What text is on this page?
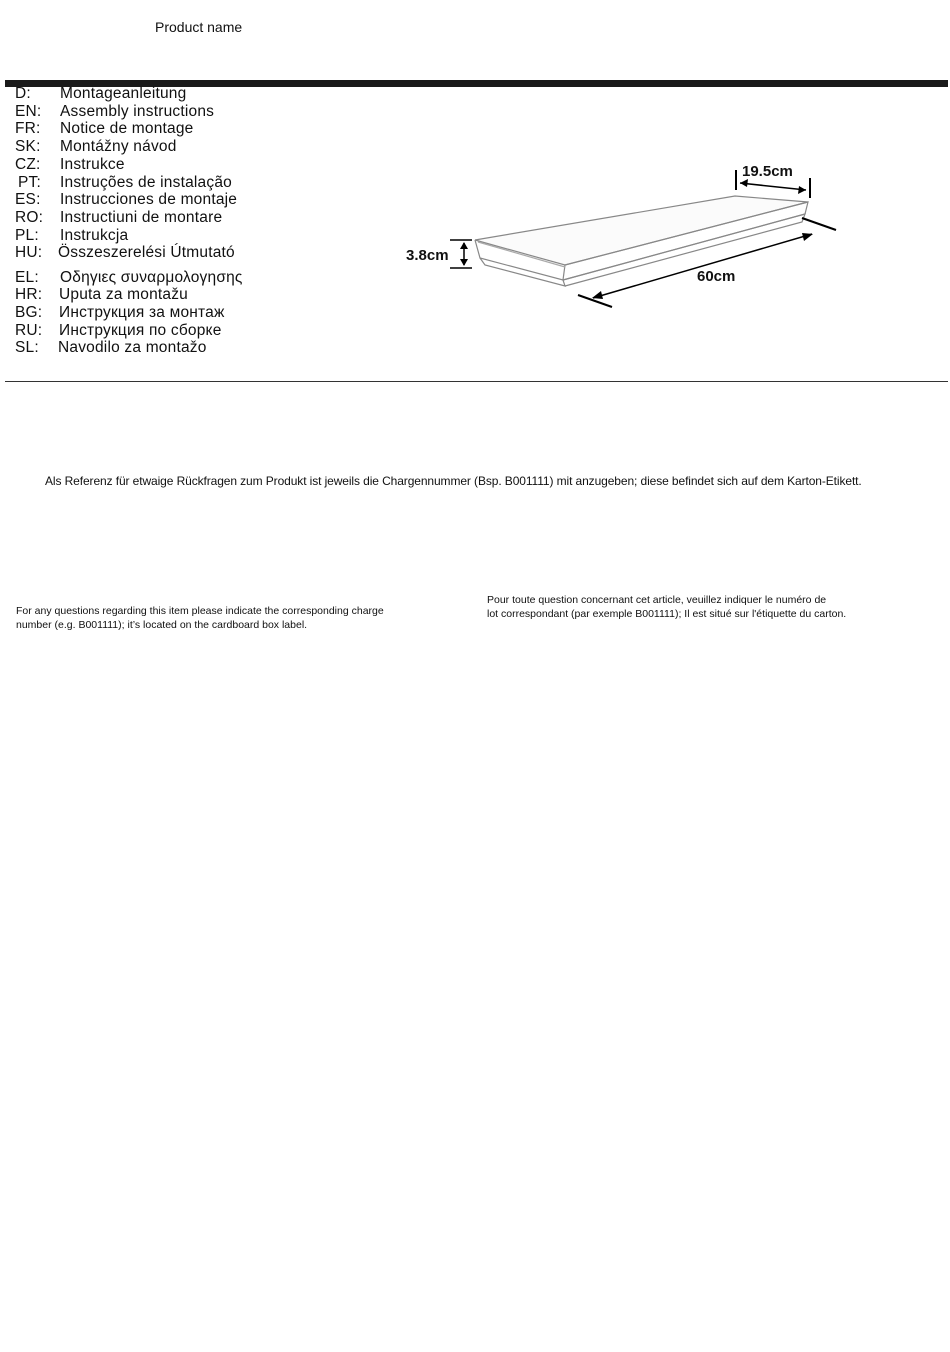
Product name
D: Montageanleitung
EN: Assembly instructions
FR: Notice de montage
SK: Montážny návod
CZ: Instrukce
PT: Instruções de instalação
ES: Instrucciones de montaje
RO: Instructiuni de montare
PL: Instrukcja
HU: Összeszerelési Útmutató
EL: Οδηγιες συναρμολογησης
HR: Uputa za montažu
BG: Инструкция за монтаж
RU: Инструкция по сборке
SL: Navodilo za montažo
19.5cm
3.8cm
60cm
Als Referenz für etwaige Rückfragen zum Produkt ist jeweils die Chargennummer (Bsp. B001111) mit anzugeben; diese befindet sich auf dem Karton-Etikett.
For any questions regarding this item please indicate the corresponding charge
number (e.g. B001111); it’s located on the cardboard box label.
Pour toute question concernant cet article, veuillez indiquer le numéro de
lot correspondant (par exemple B001111); Il est situé sur l'étiquette du carton.
